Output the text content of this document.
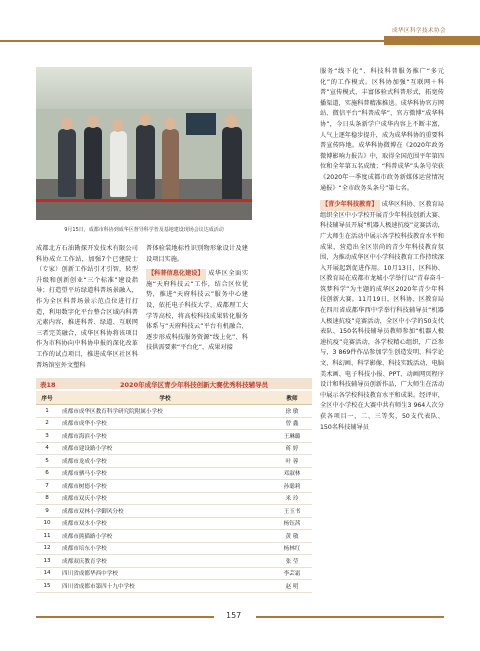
成华区科学技术协会
9月15日，成都市科协到成华区督导科学普及基地建设现场会议达成活动

成都北方石油勘探开发技术有限公司科协成立工作站，加强7个已建院士（专家）创新工作站引才引智，转型升级和创新创业“三个标准”建设指导；打造望平坊绿道科普场景融入，作为全区科普场景示范点位进行打造，利用数字化平台整合区域内科普元素内容，推进科普、绿道、互联网三者完美融合，成华区科协将该项目作为市科协向中科协申报的深化改革工作的试点项目，推进成华区社区科普场馆室外文塑科

普体验装地标性识别物形象设计及建设项目实施。

【科普信息化建设】 成华区全面实施“天府科技云”工作，结合区位优势，推进“天府科技云”服务中心建设，依托电子科技大学、成都理工大学等高校，将高校科技成果转化服务体系与“天府科技云”平台有机融合，逐步形成科技服务资源“线上化”、科技供需要素“平台化”、成果对接

服务“线下化”、科技科普服务推广“多元化”的工作模式。区科协加强“互联网＋科普”宣传模式，丰富体验式科普形式，拓宽传播渠道，实施科普精准推送。成华科协官方网站、微信平台“科普成华”、官方微博“成华科协”，今日头条新学户成华内容上不断丰富，人气上逐年稳步提升，成为成华科协的重要科普宣传阵地。成华科协微博在《2020年政务微博影响力报告》中，取得全国范围平年第四位和全年第五名成绩；“科普成华”头条号荣获《2020年一季度成都市政务新媒体运营情况通报》“全市政务头条号”第七名。

【青少年科技教育】 成华区科协、区教育局组织全区中小学校开展青少年科技创新大赛、科技辅导员开展“机器人极速抗疫”竞赛活动，广大师生在活动中展示各学校科技教育水平和成果，营造出全区崇尚的青少年科技教育氛围，为推动成华区中小学科技教育工作持续深入开展起到促进作用。10月13日，区科协、区教育局在成都市龙城小学举行以“青春奋斗·筑梦科学”为主题的成华区2020年青少年科技创新大赛。11月19日，区科协、区教育局在四川省成都华西中学举行科技辅导员“机器人极速抗疫”竞赛活动，全区中小学的50支代表队、150名科技辅导员教师参加“机器人极速抗疫”竞赛活动，各学校精心组织，广泛参与，3 869件作品参加学生创造发明、科学论文、科幻画、科学影像、科技实践活动、电脑美术画、电子科技小报、PPT、动画网页程序设计和科技辅导员创新作品，广大师生在活动中展示各学校科技教育水平和成果。经评审，全区中小学校在大赛中共有师生3 964人次分获各项目一、二、三等奖，50支代表队、150名科技辅导员

表18	2020年成华区青少年科技创新大赛优秀科技辅导员
序号	学校	教师
1	成都市成华区教育科学研究院附属小学校	徐 敏
2	成都市成华小学校	曾 鑫
3	成都市海滨小学校	王琳璐
4	成都市建设路小学校	蒋 婷
5	成都市龙成小学校	叶 蓉
6	成都市驷马小学校	邓淑林
7	成都市树德小学校	孙聪莉
8	成都市双庆小学校	米 玲
9	成都市双林小学御风分校	王玉书
10	成都市双水小学校	杨钰茜
11	成都市熊猫路小学校	黄 敬
12	成都市培东小学校	杨林红
13	成都双庆教育学校	张 莹
14	四川省成都华西中学校	李芸霜
15	四川省成都市第四十九中学校	赵 明
157
